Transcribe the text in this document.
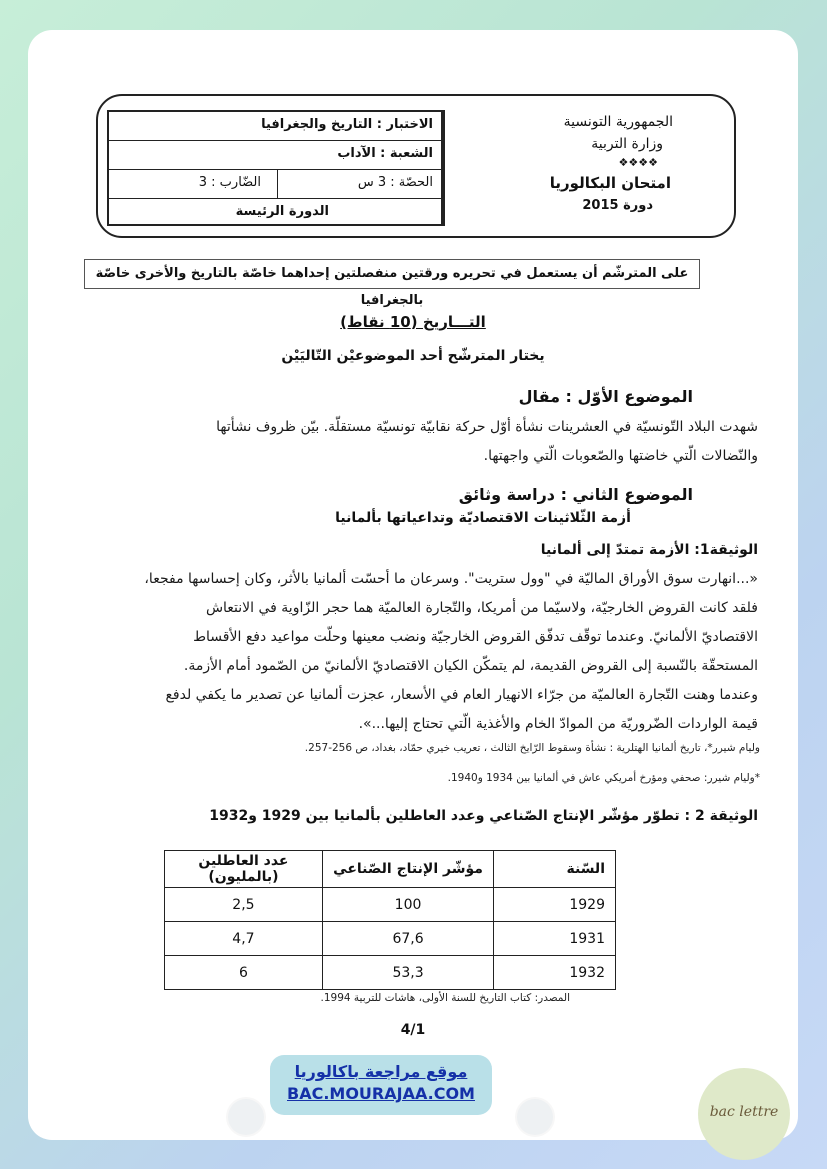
الاختبار : التاريخ والجغرافيا
الشعبة : الآداب
الحصّة : 3 س
الضّارب : 3
الدورة الرئيسة
الجمهورية التونسية
وزارة التربية
❖❖❖❖
امتحان البكالوريا
دورة 2015
على المترشّم أن يستعمل في تحريره ورقتين منفصلتين إحداهما خاصّة بالتاريخ والأخرى خاصّة بالجغرافيا
التـــاريخ (10 نقاط)
يختار المترشّح أحد الموضوعيْن التّاليَيْن
الموضوع الأوّل : مقال
شهدت البلاد التّونسيّة في العشرينات نشأة أوّل حركة نقابيّة تونسيّة مستقلّة. بيّن ظروف نشأتها
والنّضالات الّتي خاضتها والصّعوبات الّتي واجهتها.
الموضوع الثاني : دراسة وثائق
أزمة الثّلاثينات الاقتصاديّة وتداعياتها بألمانيا
الوثيقة1: الأزمة تمتدّ إلى ألمانيا
«...انهارت سوق الأوراق الماليّة في "وول ستريت". وسرعان ما أحسّت ألمانيا بالأثر، وكان إحساسها مفجعا،
فلقد كانت القروض الخارجيّة، ولاسيّما من أمريكا، والتّجارة العالميّة هما حجر الزّاوية في الانتعاش
الاقتصاديّ الألمانيّ. وعندما توقّف تدفّق القروض الخارجيّة ونضب معينها وحلّت مواعيد دفع الأقساط
المستحقّة بالنّسبة إلى القروض القديمة، لم يتمكّن الكيان الاقتصاديّ الألمانيّ من الصّمود أمام الأزمة.
وعندما وهنت التّجارة العالميّة من جرّاء الانهيار العام في الأسعار، عجزت ألمانيا عن تصدير ما يكفي لدفع
قيمة الواردات الضّروريّة من الموادّ الخام والأغذية الّتي تحتاج إليها...».
وليام شيرر*، تاريخ ألمانيا الهتلرية : نشأة وسقوط الرّايخ الثالث ، تعريب خيري حمّاد، بغداد، ص 256-257.
*وليام شيرر: صحفي ومؤرخ أمريكي عاش في ألمانيا بين 1934 و1940.
الوثيقة 2 : تطوّر مؤشّر الإنتاج الصّناعي وعدد العاطلين بألمانيا بين 1929 و1932
السّنة	مؤشّر الإنتاج الصّناعي	عدد العاطلين (بالمليون)
1929	100	2,5
1931	67,6	4,7
1932	53,3	6
المصدر: كتاب التاريخ للسنة الأولى، هاشات للتربية 1994.
4/1
موقع مراجعة باكالوريا
BAC.MOURAJAA.COM
bac lettre
